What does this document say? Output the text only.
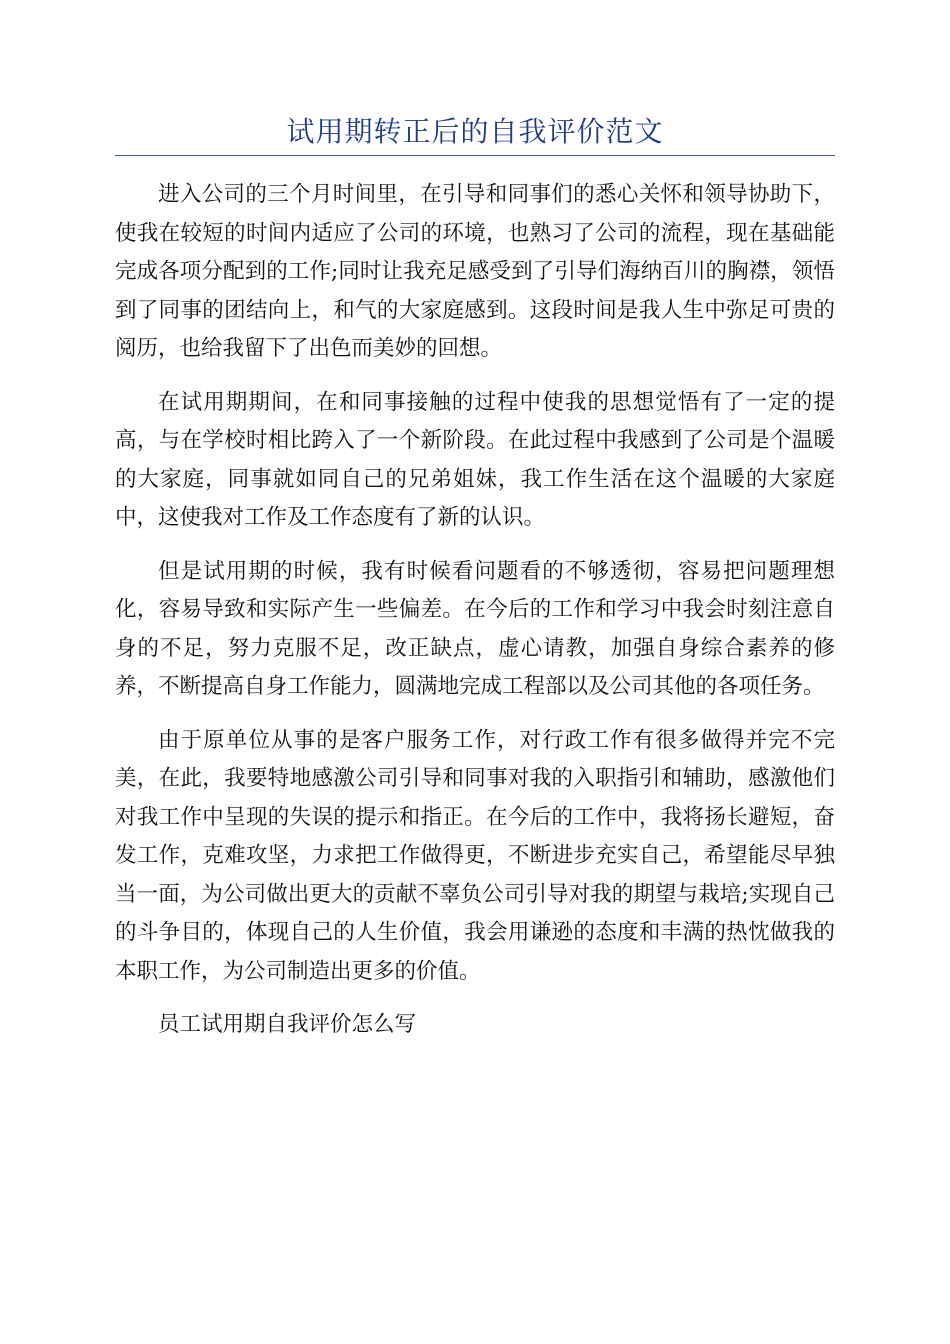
试用期转正后的自我评价范文

进入公司的三个月时间里，在引导和同事们的悉心关怀和领导协助下，使我在较短的时间内适应了公司的环境，也熟习了公司的流程，现在基础能完成各项分配到的工作;同时让我充足感受到了引导们海纳百川的胸襟，领悟到了同事的团结向上，和气的大家庭感到。这段时间是我人生中弥足可贵的阅历，也给我留下了出色而美妙的回想。

在试用期期间，在和同事接触的过程中使我的思想觉悟有了一定的提高，与在学校时相比跨入了一个新阶段。在此过程中我感到了公司是个温暖的大家庭，同事就如同自己的兄弟姐妹，我工作生活在这个温暖的大家庭中，这使我对工作及工作态度有了新的认识。

但是试用期的时候，我有时候看问题看的不够透彻，容易把问题理想化，容易导致和实际产生一些偏差。在今后的工作和学习中我会时刻注意自身的不足，努力克服不足，改正缺点，虚心请教，加强自身综合素养的修养，不断提高自身工作能力，圆满地完成工程部以及公司其他的各项任务。

由于原单位从事的是客户服务工作，对行政工作有很多做得并完不完美，在此，我要特地感激公司引导和同事对我的入职指引和辅助，感激他们对我工作中呈现的失误的提示和指正。在今后的工作中，我将扬长避短，奋发工作，克难攻坚，力求把工作做得更，不断进步充实自己，希望能尽早独当一面，为公司做出更大的贡献不辜负公司引导对我的期望与栽培;实现自己的斗争目的，体现自己的人生价值，我会用谦逊的态度和丰满的热忱做我的本职工作，为公司制造出更多的价值。

员工试用期自我评价怎么写
